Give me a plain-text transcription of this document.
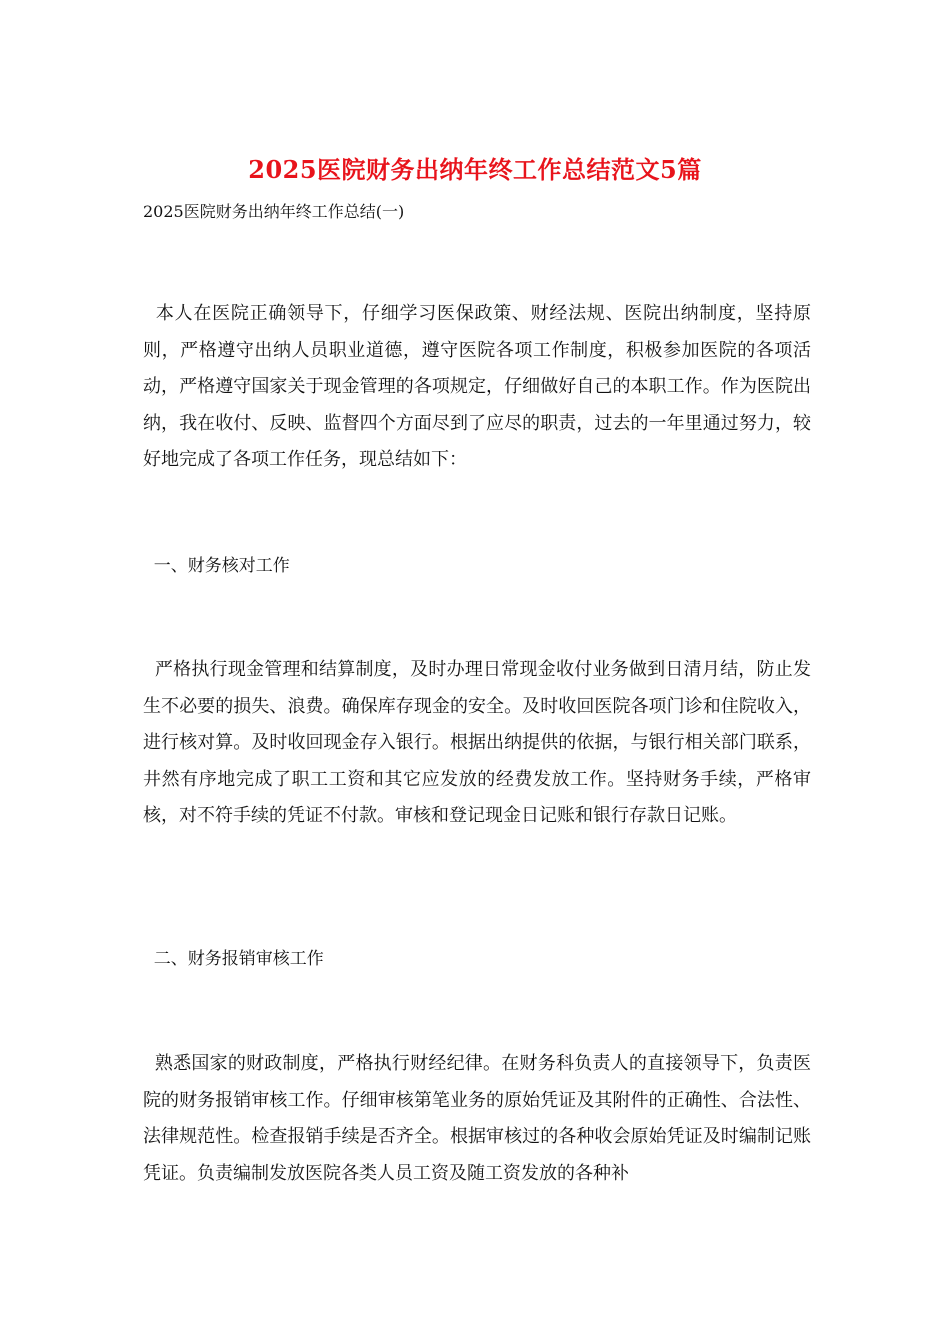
2025医院财务出纳年终工作总结范文5篇
2025医院财务出纳年终工作总结(一)
本人在医院正确领导下，仔细学习医保政策、财经法规、医院出纳制度，坚持原则，严格遵守出纳人员职业道德，遵守医院各项工作制度，积极参加医院的各项活动，严格遵守国家关于现金管理的各项规定，仔细做好自己的本职工作。作为医院出纳，我在收付、反映、监督四个方面尽到了应尽的职责，过去的一年里通过努力，较好地完成了各项工作任务，现总结如下：
一、财务核对工作
严格执行现金管理和结算制度，及时办理日常现金收付业务做到日清月结，防止发生不必要的损失、浪费。确保库存现金的安全。及时收回医院各项门诊和住院收入，进行核对算。及时收回现金存入银行。根据出纳提供的依据，与银行相关部门联系，井然有序地完成了职工工资和其它应发放的经费发放工作。坚持财务手续，严格审核，对不符手续的凭证不付款。审核和登记现金日记账和银行存款日记账。
二、财务报销审核工作
熟悉国家的财政制度，严格执行财经纪律。在财务科负责人的直接领导下，负责医院的财务报销审核工作。仔细审核第笔业务的原始凭证及其附件的正确性、合法性、法律规范性。检查报销手续是否齐全。根据审核过的各种收会原始凭证及时编制记账凭证。负责编制发放医院各类人员工资及随工资发放的各种补
